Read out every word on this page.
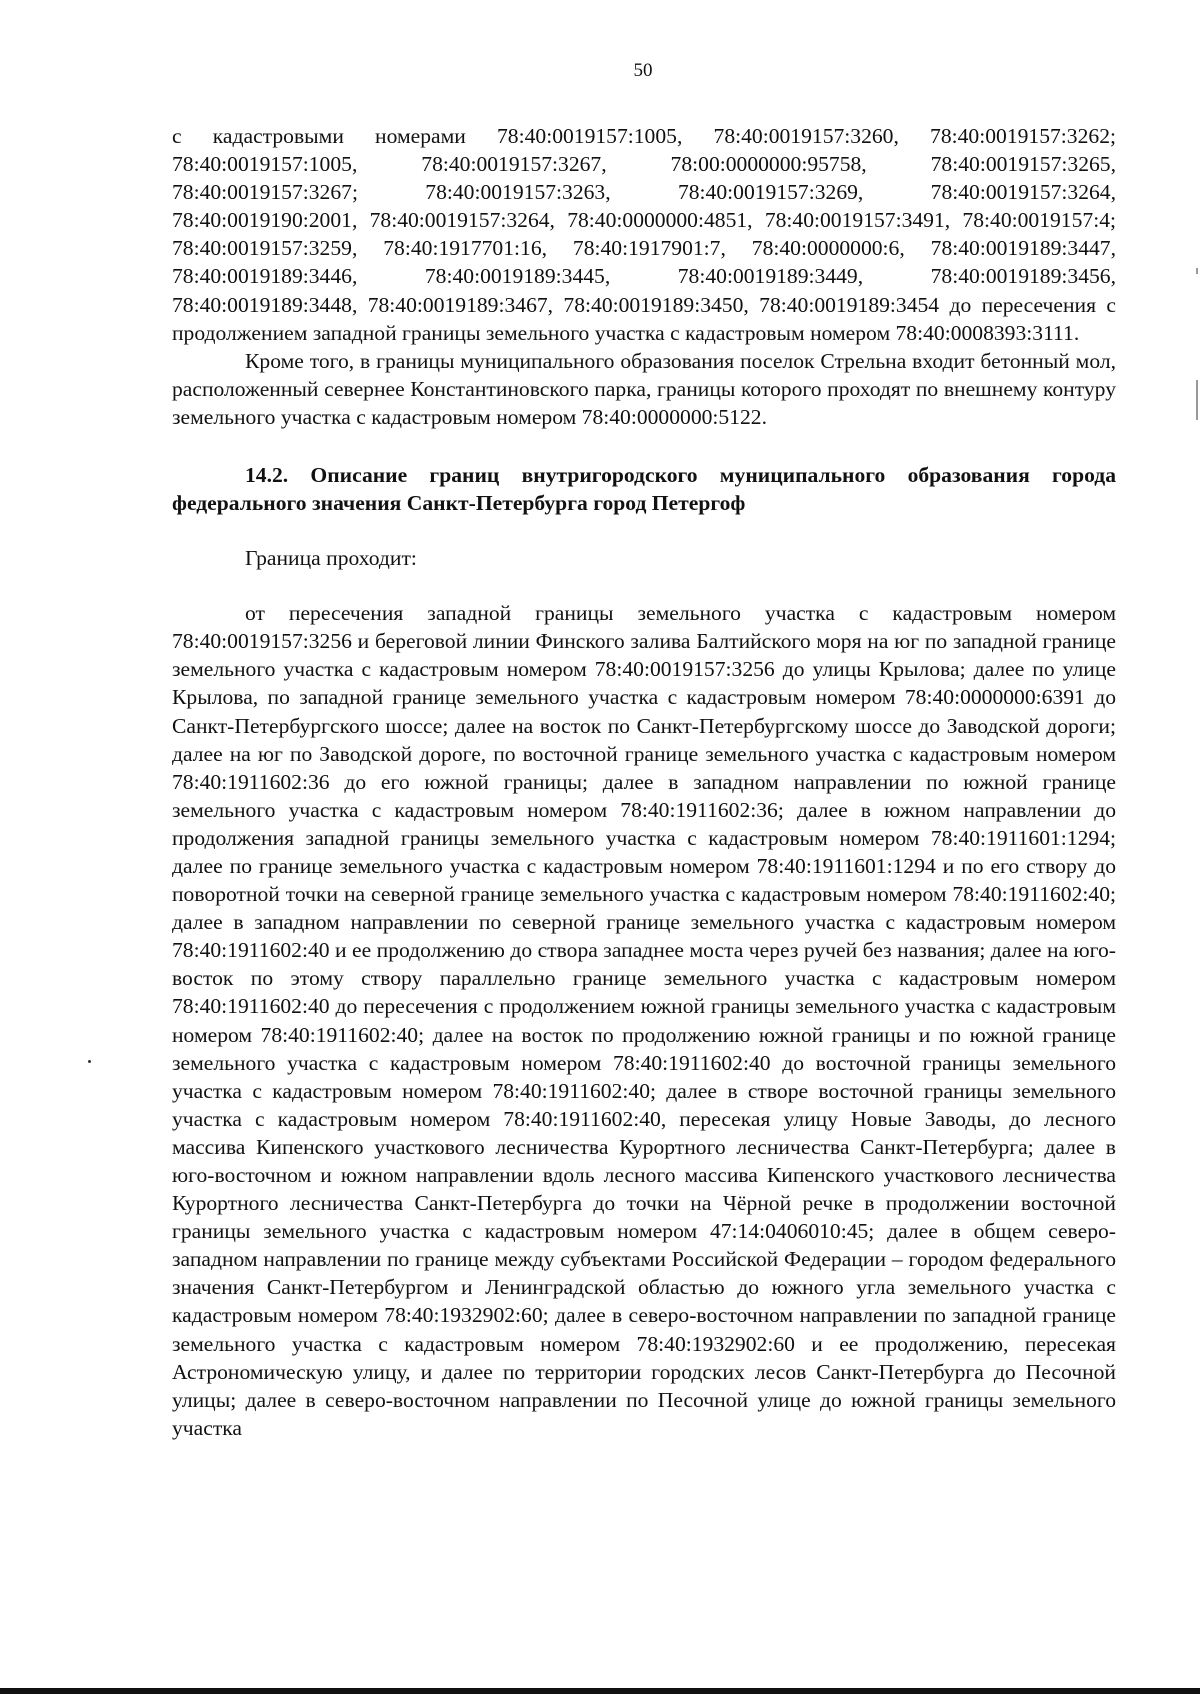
50

с кадастровыми номерами 78:40:0019157:1005, 78:40:0019157:3260, 78:40:0019157:3262; 78:40:0019157:1005, 78:40:0019157:3267, 78:00:0000000:95758, 78:40:0019157:3265, 78:40:0019157:3267; 78:40:0019157:3263, 78:40:0019157:3269, 78:40:0019157:3264, 78:40:0019190:2001, 78:40:0019157:3264, 78:40:0000000:4851, 78:40:0019157:3491, 78:40:0019157:4; 78:40:0019157:3259, 78:40:1917701:16, 78:40:1917901:7, 78:40:0000000:6, 78:40:0019189:3447, 78:40:0019189:3446, 78:40:0019189:3445, 78:40:0019189:3449, 78:40:0019189:3456, 78:40:0019189:3448, 78:40:0019189:3467, 78:40:0019189:3450, 78:40:0019189:3454 до пересечения с продолжением западной границы земельного участка с кадастровым номером 78:40:0008393:3111.

Кроме того, в границы муниципального образования поселок Стрельна входит бетонный мол, расположенный севернее Константиновского парка, границы которого проходят по внешнему контуру земельного участка с кадастровым номером 78:40:0000000:5122.

14.2. Описание границ внутригородского муниципального образования города федерального значения Санкт-Петербурга город Петергоф

Граница проходит:

от пересечения западной границы земельного участка с кадастровым номером 78:40:0019157:3256 и береговой линии Финского залива Балтийского моря на юг по западной границе земельного участка с кадастровым номером 78:40:0019157:3256 до улицы Крылова; далее по улице Крылова, по западной границе земельного участка с кадастровым номером 78:40:0000000:6391 до Санкт-Петербургского шоссе; далее на восток по Санкт-Петербургскому шоссе до Заводской дороги; далее на юг по Заводской дороге, по восточной границе земельного участка с кадастровым номером 78:40:1911602:36 до его южной границы; далее в западном направлении по южной границе земельного участка с кадастровым номером 78:40:1911602:36; далее в южном направлении до продолжения западной границы земельного участка с кадастровым номером 78:40:1911601:1294; далее по границе земельного участка с кадастровым номером 78:40:1911601:1294 и по его створу до поворотной точки на северной границе земельного участка с кадастровым номером 78:40:1911602:40; далее в западном направлении по северной границе земельного участка с кадастровым номером 78:40:1911602:40 и ее продолжению до створа западнее моста через ручей без названия; далее на юго-восток по этому створу параллельно границе земельного участка с кадастровым номером 78:40:1911602:40 до пересечения с продолжением южной границы земельного участка с кадастровым номером 78:40:1911602:40; далее на восток по продолжению южной границы и по южной границе земельного участка с кадастровым номером 78:40:1911602:40 до восточной границы земельного участка с кадастровым номером 78:40:1911602:40; далее в створе восточной границы земельного участка с кадастровым номером 78:40:1911602:40, пересекая улицу Новые Заводы, до лесного массива Кипенского участкового лесничества Курортного лесничества Санкт-Петербурга; далее в юго-восточном и южном направлении вдоль лесного массива Кипенского участкового лесничества Курортного лесничества Санкт-Петербурга до точки на Чёрной речке в продолжении восточной границы земельного участка с кадастровым номером 47:14:0406010:45; далее в общем северо-западном направлении по границе между субъектами Российской Федерации – городом федерального значения Санкт-Петербургом и Ленинградской областью до южного угла земельного участка с кадастровым номером 78:40:1932902:60; далее в северо-восточном направлении по западной границе земельного участка с кадастровым номером 78:40:1932902:60 и ее продолжению, пересекая Астрономическую улицу, и далее по территории городских лесов Санкт-Петербурга до Песочной улицы; далее в северо-восточном направлении по Песочной улице до южной границы земельного участка
